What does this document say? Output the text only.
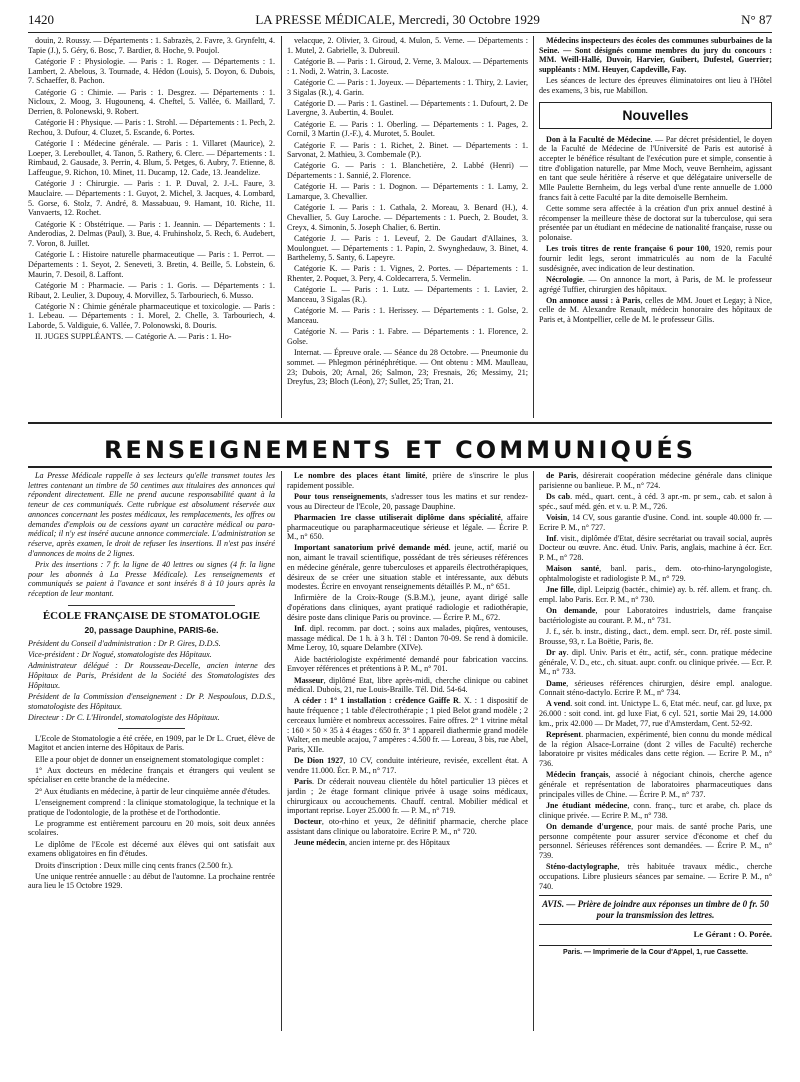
1420	LA PRESSE MÉDICALE, Mercredi, 30 Octobre 1929	N° 87

douin, 2. Roussy. — Départements : 1. Sabrazès, 2. Favre, 3. Grynfeltt, 4. Tapie (J.), 5. Géry, 6. Bosc, 7. Bardier, 8. Hoche, 9. Poujol.

Catégorie F : Physiologie. — Paris : 1. Roger. — Départements : 1. Lambert, 2. Abelous, 3. Tournade, 4. Hédon (Louis), 5. Doyon, 6. Dubois, 7. Schaeffer, 8. Pachon.

Catégorie G : Chimie. — Paris : 1. Desgrez. — Départements : 1. Nicloux, 2. Moog, 3. Hugounenq, 4. Cheftel, 5. Vallée, 6. Maillard, 7. Derrien, 8. Polonewski, 9. Robert.

Catégorie H : Physique. — Paris : 1. Strohl. — Départements : 1. Pech, 2. Rechou, 3. Dufour, 4. Cluzet, 5. Escande, 6. Portes.

Catégorie I : Médecine générale. — Paris : 1. Villaret (Maurice), 2. Loeper, 3. Lereboullet, 4. Tanon, 5. Rathery, 6. Clerc. — Départements : 1. Rimbaud, 2. Gausade, 3. Perrin, 4. Blum, 5. Petges, 6. Aubry, 7. Etienne, 8. Laffeugue, 9. Richon, 10. Minet, 11. Ducamp, 12. Cade, 13. Jeandelize.

Catégorie J : Chirurgie. — Paris : 1. P. Duval, 2. J.-L. Faure, 3. Mauclaire. — Départements : 1. Guyot, 2. Michel, 3. Jacques, 4. Lombard, 5. Gorse, 6. Stolz, 7. André, 8. Massabuau, 9. Hamant, 10. Riche, 11. Vanvaerts, 12. Rochet.

Catégorie K : Obstétrique. — Paris : 1. Jeannin. — Départements : 1. Anderodias, 2. Delmas (Paul), 3. Bue, 4. Fruhinsholz, 5. Rech, 6. Audebert, 7. Voron, 8. Juillet.

Catégorie L : Histoire naturelle pharmaceutique — Paris : 1. Perrot. — Départements : 1. Seyot, 2. Seneveti, 3. Bretin, 4. Beille, 5. Lobstein, 6. Maurin, 7. Desoil, 8. Laffont.

Catégorie M : Pharmacie. — Paris : 1. Goris. — Départements : 1. Ribaut, 2. Leulier, 3. Dupouy, 4. Morvillez, 5. Tarbouriech, 6. Musso.

Catégorie N : Chimie générale pharmaceutique et toxicologie. — Paris : 1. Lebeau. — Départements : 1. Morel, 2. Chelle, 3. Tarbouriech, 4. Laborde, 5. Valdiguie, 6. Vallée, 7. Polonowski, 8. Douris.

II. JUGES SUPPLÉANTS. — Catégorie A. — Paris : 1. Ho-

velacque, 2. Olivier, 3. Giroud, 4. Mulon, 5. Verne. — Départements : 1. Mutel, 2. Gabrielle, 3. Dubreuil.

Catégorie B. — Paris : 1. Giroud, 2. Verne, 3. Maloux. — Départements : 1. Nodi, 2. Watrin, 3. Lacoste.

Catégorie C. — Paris : 1. Joyeux. — Départements : 1. Thiry, 2. Lavier, 3 Sigalas (R.), 4. Garin.

Catégorie D. — Paris : 1. Gastinel. — Départements : 1. Dufourt, 2. De Lavergne, 3. Aubertin, 4. Boulet.

Catégorie E. — Paris : 1. Oberling. — Départements : 1. Pages, 2. Cornil, 3 Martin (J.-F.), 4. Murotet, 5. Boulet.

Catégorie F. — Paris : 1. Richet, 2. Binet. — Départements : 1. Sarvonat, 2. Mathieu, 3. Combemale (P.).

Catégorie G. — Paris : 1. Blanchetière, 2. Labbé (Henri) — Départements : 1. Sannié, 2. Florence.

Catégorie H. — Paris : 1. Dognon. — Départements : 1. Lamy, 2. Lamarque, 3. Chevallier.

Catégorie I. — Paris : 1. Cathala, 2. Moreau, 3. Benard (H.), 4. Chevallier, 5. Guy Laroche. — Départements : 1. Puech, 2. Boudet, 3. Creyx, 4. Simonin, 5. Joseph Chalier, 6. Bertin.

Catégorie J. — Paris : 1. Leveuf, 2. De Gaudart d'Allaines, 3. Moulonguet. — Départements : 1. Papin, 2. Swynghedauw, 3. Binet, 4. Barthelemy, 5. Santy, 6. Lapeyre.

Catégorie K. — Paris : 1. Vignes, 2. Portes. — Départements : 1. Rhenter, 2. Poquet, 3. Pery, 4. Coldecarrera, 5. Vermelin.

Catégorie L. — Paris : 1. Lutz. — Départements : 1. Lavier, 2. Manceau, 3 Sigalas (R.).

Catégorie M. — Paris : 1. Herissey. — Départements : 1. Golse, 2. Manceau.

Catégorie N. — Paris : 1. Fabre. — Départements : 1. Florence, 2. Golse.

Internat. — Épreuve orale. — Séance du 28 Octobre. — Pneumonie du sommet. — Phlegmon périnéphrétique. — Ont obtenu : MM. Maulleau, 23; Dubois, 20; Arnal, 26; Salmon, 23; Fresnais, 26; Messimy, 21; Dreyfus, 23; Bloch (Léon), 27; Sullet, 25; Tran, 21.

Médecins inspecteurs des écoles des communes suburbaines de la Seine. — Sont désignés comme membres du jury du concours : MM. Weill-Hallé, Duvoir, Harvier, Guibert, Dufestel, Guerrier; suppléants : MM. Heuyer, Capdeville, Fay.

Les séances de lecture des épreuves éliminatoires ont lieu à l'Hôtel des examens, 3 bis, rue Mabillon.

Nouvelles

Don à la Faculté de Médecine. — Par décret présidentiel, le doyen de la Faculté de Médecine de l'Université de Paris est autorisé à accepter le bénéfice résultant de l'exécution pure et simple, consentie à titre d'obligation naturelle, par Mme Moch, veuve Bernheim, agissant en tant que seule héritière à réserve et que délégataire universelle de Mlle Paulette Bernheim, du legs verbal d'une rente annuelle de 1.000 francs fait à cette Faculté par la dite demoiselle Bernheim.

Cette somme sera affectée à la création d'un prix annuel destiné à récompenser la meilleure thèse de doctorat sur la tuberculose, qui sera présentée par un étudiant en médecine de nationalité française, russe ou polonaise.

Les trois titres de rente française 6 pour 100, 1920, remis pour fournir ledit legs, seront immatriculés au nom de la Faculté susdésignée, avec indication de leur destination.

Nécrologie. — On annonce la mort, à Paris, de M. le professeur agrégé Tuffier, chirurgien des hôpitaux.

On annonce aussi : à Paris, celles de MM. Jouet et Legay; à Nice, celle de M. Alexandre Renault, médecin honoraire des hôpitaux de Paris et, à Montpellier, celle de M. le professeur Gilis.

RENSEIGNEMENTS ET COMMUNIQUÉS

La Presse Médicale rappelle à ses lecteurs qu'elle transmet toutes les lettres contenant un timbre de 50 centimes aux titulaires des annonces qui répondent directement. Elle ne prend aucune responsabilité quant à la teneur de ces communiqués. Cette rubrique est absolument réservée aux annonces concernant les postes médicaux, les remplacements, les offres ou demandes d'emplois ou de cessions ayant un caractère médical ou para-médical; il n'y est inséré aucune annonce commerciale. L'administration se réserve, après examen, le droit de refuser les insertions. Il n'est pas inséré d'annonces de moins de 2 lignes.

Prix des insertions : 7 fr. la ligne de 40 lettres ou signes (4 fr. la ligne pour les abonnés à La Presse Médicale). Les renseignements et communiqués se paient à l'avance et sont insérés 8 à 10 jours après la réception de leur montant.

ÉCOLE FRANÇAISE DE STOMATOLOGIE
20, passage Dauphine, PARIS-6e.

Président du Conseil d'administration : Dr P. Gires, D.D.S.

Vice-président : Dr Nogué, stomatologiste des Hôpitaux.

Administrateur délégué : Dr Rousseau-Decelle, ancien interne des Hôpitaux de Paris, Président de la Société des Stomatologistes des Hôpitaux.

Président de la Commission d'enseignement : Dr P. Nespoulous, D.D.S., stomatologiste des Hôpitaux.

Directeur : Dr C. L'Hirondel, stomatologiste des Hôpitaux.

L'Ecole de Stomatologie a été créée, en 1909, par le Dr L. Cruet, élève de Magitot et ancien interne des Hôpitaux de Paris.

Elle a pour objet de donner un enseignement stomatologique complet :

1° Aux docteurs en médecine français et étrangers qui veulent se spécialiser en cette branche de la médecine.

2° Aux étudiants en médecine, à partir de leur cinquième année d'études.

L'enseignement comprend : la clinique stomatologique, la technique et la pratique de l'odontologie, de la prothèse et de l'orthodontie.

Le programme est entièrement parcouru en 20 mois, soit deux années scolaires.

Le diplôme de l'Ecole est décerné aux élèves qui ont satisfait aux examens obligatoires en fin d'études.

Droits d'inscription : Deux mille cinq cents francs (2.500 fr.).

Une unique rentrée annuelle : au début de l'automne. La prochaine rentrée aura lieu le 15 Octobre 1929.

Le nombre des places étant limité, prière de s'inscrire le plus rapidement possible.

Pour tous renseignements, s'adresser tous les matins et sur rendez-vous au Directeur de l'Ecole, 20, passage Dauphine.

Pharmacien 1re classe utiliserait diplôme dans spécialité, affaire pharmaceutique ou parapharmaceutique sérieuse et légale. — Écrire P. M., n° 650.

Important sanatorium privé demande méd. jeune, actif, marié ou non, aimant le travail scientifique, possédant de très sérieuses références en médecine générale, genre tuberculoses et appareils électrothérapiques, désireux de se créer une situation stable et intéressante, aux débuts modestes. Écrire en envoyant renseignements détaillés P. M., n° 651.

Infirmière de la Croix-Rouge (S.B.M.), jeune, ayant dirigé salle d'opérations dans cliniques, ayant pratiqué radiologie et radiothérapie, désire poste dans clinique Paris ou province. — Écrire P. M., 672.

Inf. dipl. recomm. par doct. ; soins aux malades, piqûres, ventouses, massage médical. De 1 h. à 3 h. Tél : Danton 70-09. Se rend à domicile. Mme Leroy, 10, square Delambre (XIVe).

Aide bactériologiste expérimenté demandé pour fabrication vaccins. Envoyer références et prétentions à P. M., n° 701.

Masseur, diplômé Etat, libre après-midi, cherche clinique ou cabinet médical. Dubois, 21, rue Louis-Braille. Tél. Did. 54-64.

A céder : 1° 1 installation : crédence Gaiffe R. X. : 1 dispositif de haute fréquence ; 1 table d'électrothérapie ; 1 pied Belot grand modèle ; 2 cerceaux lumière et nombreux accessoires. Faire offres. 2° 1 vitrine métal : 160 × 50 × 35 à 4 étages : 650 fr. 3° 1 appareil diathermie grand modèle Walter, en meuble acajou, 7 ampères : 4.500 fr. — Loreau, 3 bis, rue Abel, Paris, XIIe.

De Dion 1927, 10 CV, conduite intérieure, revisée, excellent état. A vendre 11.000. Écr. P. M., n° 717.

Paris. Dr céderait nouveau clientèle du hôtel particulier 13 pièces et jardin ; 2e étage formant clinique privée à usage soins médicaux, chirurgicaux ou accouchements. Chauff. central. Mobilier médical et important reprise. Loyer 25.000 fr. — P. M., n° 719.

Docteur, oto-rhino et yeux, 2e définitif pharmacie, cherche place assistant dans clinique ou laboratoire. Ecrire P. M., n° 720.

Jeune médecin, ancien interne pr. des Hôpitaux

de Paris, désirerait coopération médecine générale dans clinique parisienne ou banlieue. P. M., n° 724.

Ds cab. méd., quart. cent., à céd. 3 apr.-m. pr sem., cab. et salon à spéc., sauf méd. gén. et v. u. P. M., 726.

Voisin, 14 CV, sous garantie d'usine. Cond. int. souple 40.000 fr. — Ecrire P. M., n° 727.

Inf. visit., diplômée d'Etat, désire secrétariat ou travail social, auprès Docteur ou œuvre. Anc. étud. Univ. Paris, anglais, machine à écr. Ecr. P. M., n° 728.

Maison santé, banl. paris., dem. oto-rhino-laryngologiste, ophtalmologiste et radiologiste P. M., n° 729.

Jne fille, dipl. Leipzig (bactér., chimie) ay. b. réf. allem. et franç. ch. empl. labo Paris. Ecr. P. M., n° 730.

On demande, pour Laboratoires industriels, dame française bactériologiste au courant. P. M., n° 731.

J. f., sér. b. instr., disting., dact., dem. empl. secr. Dr, réf. poste simil. Brousse, 93, r. La Boëtie, Paris, 8e.

Dr ay. dipl. Univ. Paris et étr., actif, sér., conn. pratique médecine générale, V. D., etc., ch. situat. aupr. confr. ou clinique privée. — Ecr. P. M., n° 733.

Dame, sérieuses références chirurgien, désire empl. analogue. Connait sténo-dactylo. Ecrire P. M., n° 734.

A vend. soit cond. int. Unictype L. 6, Etat méc. neuf, car. gd luxe, px 26.000 : soit cond. int. gd luxe Fiat, 6 cyl. 521, sortie Mai 29, 14.000 km., prix 42.000 — Dr Madet, 77, rue d'Amsterdam, Cent. 52-92.

Représent. pharmacien, expérimenté, bien connu du monde médical de la région Alsace-Lorraine (dont 2 villes de Faculté) recherche laboratoire pr visites médicales dans cette région. — Ecrire P. M., n° 736.

Médecin français, associé à négociant chinois, cherche agence générale et représentation de laboratoires pharmaceutiques dans principales villes de Chine. — Écrire P. M., n° 737.

Jne étudiant médecine, conn. franç., turc et arabe, ch. place ds clinique privée. — Ecrire P. M., n° 738.

On demande d'urgence, pour mais. de santé proche Paris, une personne compétente pour assurer service d'économe et chef du personnel. Sérieuses références sont demandées. — Écrire P. M., n° 739.

Sténo-dactylographe, très habituée travaux médic., cherche occupations. Libre plusieurs séances par semaine. — Ecrire P. M., n° 740.

AVIS. — Prière de joindre aux réponses un timbre de 0 fr. 50 pour la transmission des lettres.
Le Gérant : O. Porée.
Paris. — Imprimerie de la Cour d'Appel, 1, rue Cassette.
